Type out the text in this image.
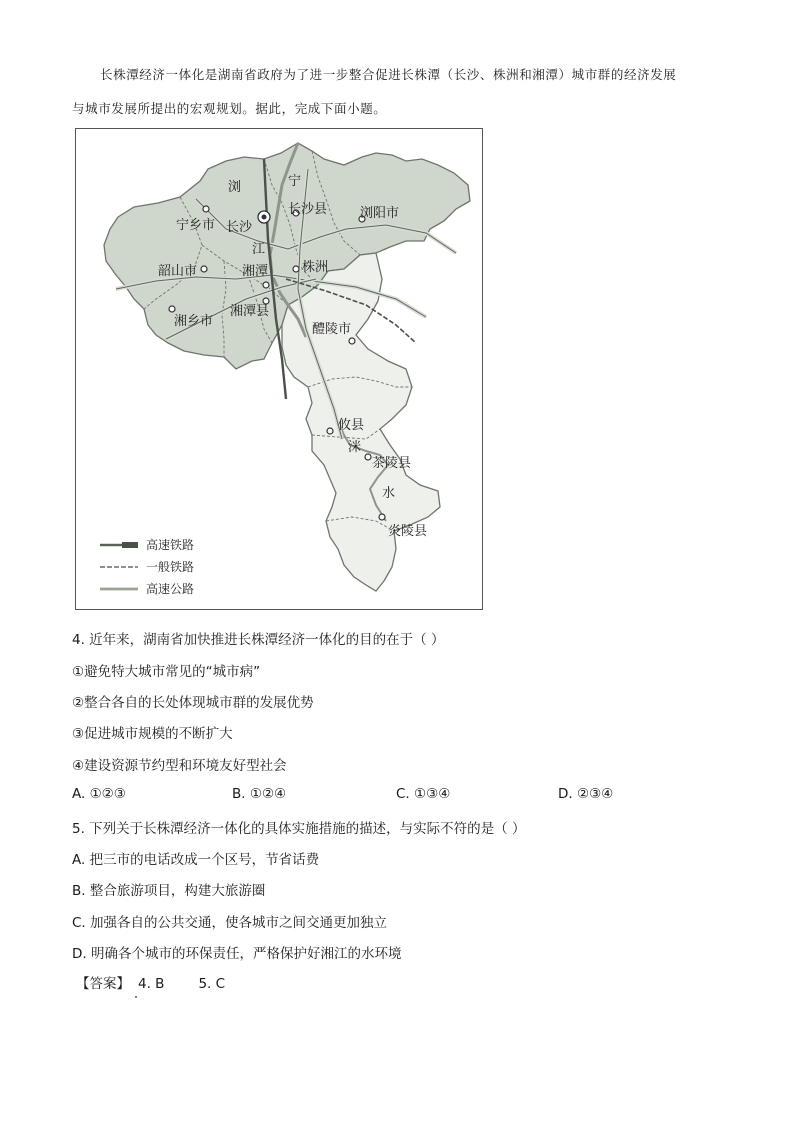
长株潭经济一体化是湖南省政府为了进一步整合促进长株潭（长沙、株洲和湘潭）城市群的经济发展
与城市发展所提出的宏观规划。据此，完成下面小题。
浏	宁
宁乡市 长沙
长沙县	浏阳市
江
韶山市	湘潭	株洲
湘潭县
湘乡市
醴陵市
攸县
洣
茶陵县
水
炎陵县
高速铁路
一般铁路
高速公路
4. 近年来，湖南省加快推进长株潭经济一体化的目的在于（ ）
①避免特大城市常见的“城市病”
②整合各自的长处体现城市群的发展优势
③促进城市规模的不断扩大
④建设资源节约型和环境友好型社会
A. ①②③	B. ①②④	C. ①③④	D. ②③④
5. 下列关于长株潭经济一体化的具体实施措施的描述，与实际不符的是（ ）
A. 把三市的电话改成一个区号，节省话费
B. 整合旅游项目，构建大旅游圈
C. 加强各自的公共交通，使各城市之间交通更加独立
D. 明确各个城市的环保责任，严格保护好湘江的水环境
【答案】 4. B	5. C
